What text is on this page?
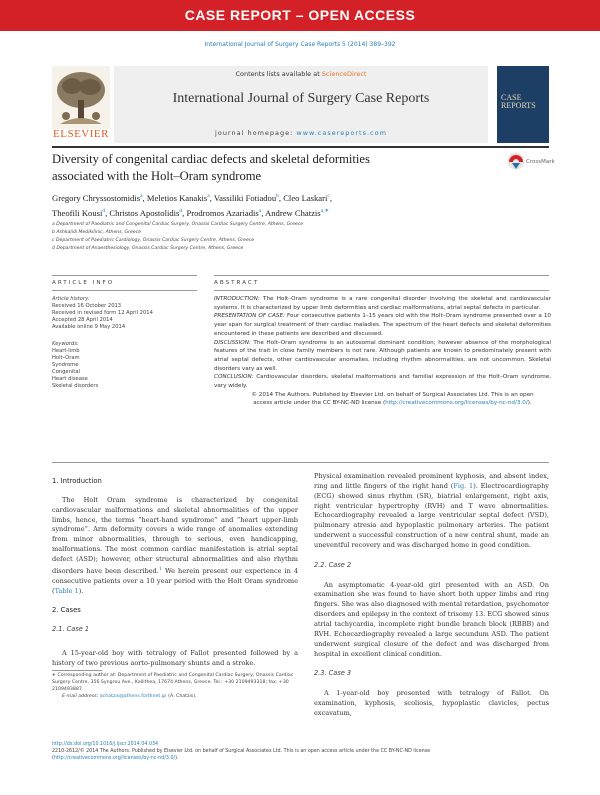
CASE REPORT – OPEN ACCESS
International Journal of Surgery Case Reports 5 (2014) 389–392
ELSEVIER
Contents lists available at ScienceDirect
International Journal of Surgery Case Reports
journal homepage: www.casereports.com
CASE REPORTS
Diversity of congenital cardiac defects and skeletal deformities
associated with the Holt–Oram syndrome
CrossMark
Gregory Chryssostomidis$^a$, Meletios Kanakis$^a$, Vassiliki Fotiadou$^b$, Cleo Laskari$^c$,
Theofili Kousi$^d$, Christos Apostolidis$^d$, Prodromos Azariadis$^a$, Andrew Chatzis$^{a,∗}$
a Department of Paediatric and Congenital Cardiac Surgery, Onassis Cardiac Surgery Centre, Athens, Greece
b Ashkalidi Medikilinic, Athens, Greece
c Department of Paediatric Cardiology, Onassis Cardiac Surgery Centre, Athens, Greece
d Department of Anaesthesiology, Onassis Cardiac Surgery Centre, Athens, Greece
ARTICLE INFO	ABSTRACT
Article history:
Received 16 October 2013
Received in revised form 12 April 2014
Accepted 28 April 2014
Available online 9 May 2014
Keywords:
Heart-limb
Holt–Oram
Syndrome
Congenital
Heart disease
Skeletal disorders

INTRODUCTION: The Holt–Oram syndrome is a rare congenital disorder involving the skeletal and cardiovascular systems. It is characterized by upper limb deformities and cardiac malformations, atrial septal defects in particular.

PRESENTATION OF CASE: Four consecutive patients 1–15 years old with the Holt–Oram syndrome presented over a 10 year span for surgical treatment of their cardiac maladies. The spectrum of the heart defects and skeletal deformities encountered in these patients are described and discussed.

DISCUSSION: The Holt–Oram syndrome is an autosomal dominant condition; however absence of the morphological features of the trait in close family members is not rare. Although patients are known to predominately present with atrial septal defects, other cardiovascular anomalies, including rhythm abnormalities, are not uncommon. Skeletal disorders vary as well.

CONCLUSION: Cardiovascular disorders, skeletal malformations and familial expression of the Holt–Oram syndrome, vary widely.

© 2014 The Authors. Published by Elsevier Ltd. on behalf of Surgical Associates Ltd. This is an open
access article under the CC BY-NC-ND license (http://creativecommons.org/licenses/by-nc-nd/3.0/).

1. Introduction

The Holt Oram syndrome is characterized by congenital cardiovascular malformations and skeletal abnormalities of the upper limbs, hence, the terms “heart-hand syndrome” and “heart upper-limb syndrome”. Arm deformity covers a wide range of anomalies extending from minor abnormalities, through to serious, even handicapping, malformations. The most common cardiac manifestation is atrial septal defect (ASD); however, other structural abnormalities and also rhythm disorders have been described.$^1$ We herein present our experience in 4 consecutive patients over a 10 year period with the Holt Oram syndrome (Table 1).

2. Cases
2.1. Case 1

A 15-year-old boy with tetralogy of Fallot presented followed by a history of two previous aorto-pulmonary shunts and a stroke.

∗ Corresponding author at: Department of Paediatric and Congenital Cardiac Surgery, Onassis Cardiac Surgery Centre, 356 Syngrou Ave., Kallithea, 17674 Athens, Greece. Tel.: +30 2109493318; fax: +30 2109493887.
E-mail address: achatzis@athens.forthnet.gr (A. Chatzis).

Physical examination revealed prominent kyphosis, and absent index, ring and little fingers of the right hand (Fig. 1). Electrocardiography (ECG) showed sinus rhythm (SR), biatrial enlargement, right axis, right ventricular hypertrophy (RVH) and T wave abnormalities. Echocardiography revealed a large ventricular septal defect (VSD), pulmonary atresia and hypoplastic pulmonary arteries. The patient underwent a successful construction of a new central shunt, made an uneventful recovery and was discharged home in good condition.

2.2. Case 2

An asymptomatic 4-year-old girl presented with an ASD. On examination she was found to have short both upper limbs and ring fingers. She was also diagnosed with mental retardation, psychomotor disorders and epilepsy in the context of trisomy 13. ECG showed sinus atrial tachycardia, incomplete right bundle branch block (RBBB) and RVH. Echocardiography revealed a large secundum ASD. The patient underwent surgical closure of the defect and was discharged from hospital in excellent clinical condition.

2.3. Case 3

A 1-year-old boy presented with tetralogy of Fallot. On examination, kyphosis, scoliosis, hypoplastic clavicles, pectus excavatum,

http://dx.doi.org/10.1016/j.ijscr.2014.04.034
2210-2612/© 2014 The Authors. Published by Elsevier Ltd. on behalf of Surgical Associates Ltd. This is an open access article under the CC BY-NC-ND license
(http://creativecommons.org/licenses/by-nc-nd/3.0/).
